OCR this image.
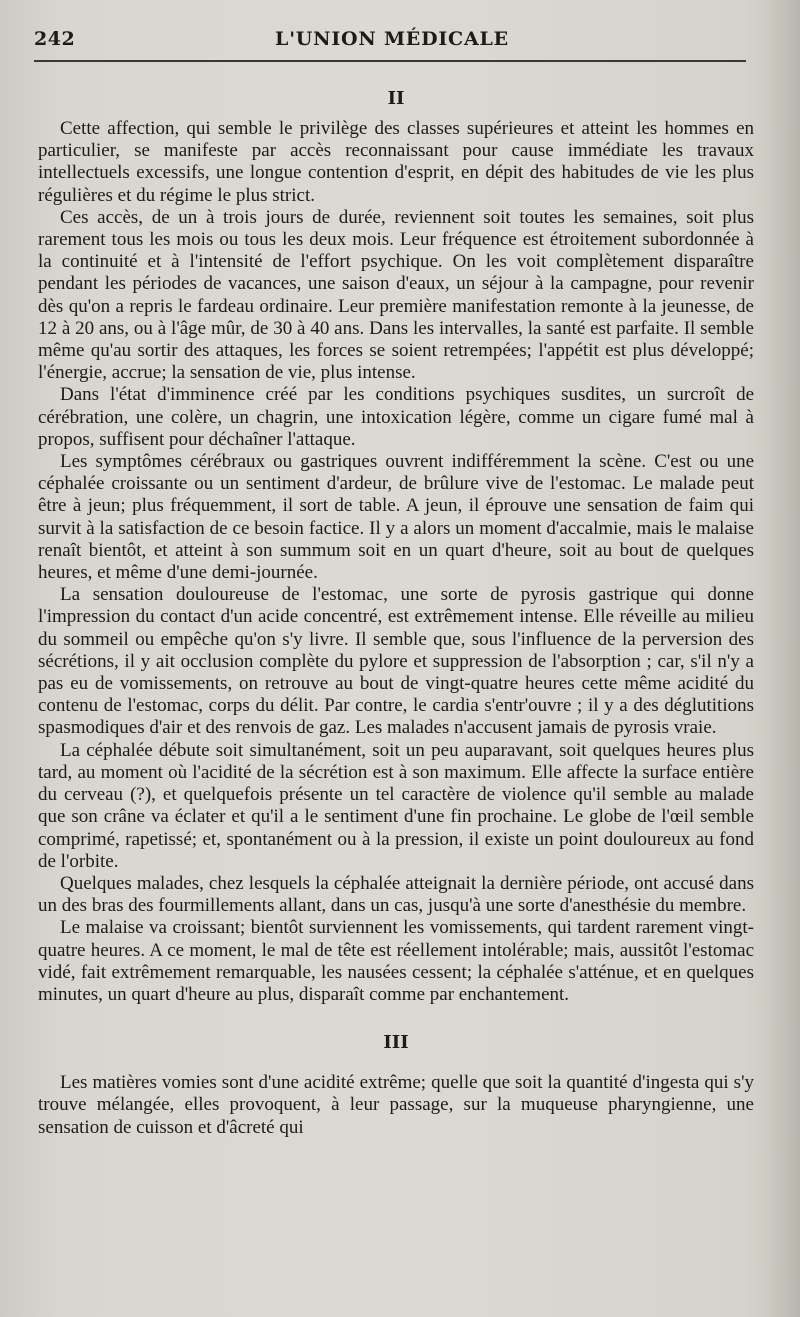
242	L'UNION MÉDICALE
II

Cette affection, qui semble le privilège des classes supérieures et atteint les hommes en particulier, se manifeste par accès reconnaissant pour cause immédiate les travaux intellectuels excessifs, une longue contention d'esprit, en dépit des habitudes de vie les plus régulières et du régime le plus strict.

Ces accès, de un à trois jours de durée, reviennent soit toutes les semaines, soit plus rarement tous les mois ou tous les deux mois. Leur fréquence est étroitement subordonnée à la continuité et à l'intensité de l'effort psychique. On les voit complètement disparaître pendant les périodes de vacances, une saison d'eaux, un séjour à la campagne, pour revenir dès qu'on a repris le fardeau ordinaire. Leur première manifestation remonte à la jeunesse, de 12 à 20 ans, ou à l'âge mûr, de 30 à 40 ans. Dans les intervalles, la santé est parfaite. Il semble même qu'au sortir des attaques, les forces se soient retrempées; l'appétit est plus développé; l'énergie, accrue; la sensation de vie, plus intense.

Dans l'état d'imminence créé par les conditions psychiques susdites, un surcroît de cérébration, une colère, un chagrin, une intoxication légère, comme un cigare fumé mal à propos, suffisent pour déchaîner l'attaque.

Les symptômes cérébraux ou gastriques ouvrent indifféremment la scène. C'est ou une céphalée croissante ou un sentiment d'ardeur, de brûlure vive de l'estomac. Le malade peut être à jeun; plus fréquemment, il sort de table. A jeun, il éprouve une sensation de faim qui survit à la satisfaction de ce besoin factice. Il y a alors un moment d'accalmie, mais le malaise renaît bientôt, et atteint à son summum soit en un quart d'heure, soit au bout de quelques heures, et même d'une demi-journée.

La sensation douloureuse de l'estomac, une sorte de pyrosis gastrique qui donne l'impression du contact d'un acide concentré, est extrêmement intense. Elle réveille au milieu du sommeil ou empêche qu'on s'y livre. Il semble que, sous l'influence de la perversion des sécrétions, il y ait occlusion complète du pylore et suppression de l'absorption ; car, s'il n'y a pas eu de vomissements, on retrouve au bout de vingt-quatre heures cette même acidité du contenu de l'estomac, corps du délit. Par contre, le cardia s'entr'ouvre ; il y a des déglutitions spasmodiques d'air et des renvois de gaz. Les malades n'accusent jamais de pyrosis vraie.

La céphalée débute soit simultanément, soit un peu auparavant, soit quelques heures plus tard, au moment où l'acidité de la sécrétion est à son maximum. Elle affecte la surface entière du cerveau (?), et quelquefois présente un tel caractère de violence qu'il semble au malade que son crâne va éclater et qu'il a le sentiment d'une fin prochaine. Le globe de l'œil semble comprimé, rapetissé; et, spontanément ou à la pression, il existe un point douloureux au fond de l'orbite.

Quelques malades, chez lesquels la céphalée atteignait la dernière période, ont accusé dans un des bras des fourmillements allant, dans un cas, jusqu'à une sorte d'anesthésie du membre.

Le malaise va croissant; bientôt surviennent les vomissements, qui tardent rarement vingt-quatre heures. A ce moment, le mal de tête est réellement intolérable; mais, aussitôt l'estomac vidé, fait extrêmement remarquable, les nausées cessent; la céphalée s'atténue, et en quelques minutes, un quart d'heure au plus, disparaît comme par enchantement.

III

Les matières vomies sont d'une acidité extrême; quelle que soit la quantité d'ingesta qui s'y trouve mélangée, elles provoquent, à leur passage, sur la muqueuse pharyngienne, une sensation de cuisson et d'âcreté qui
